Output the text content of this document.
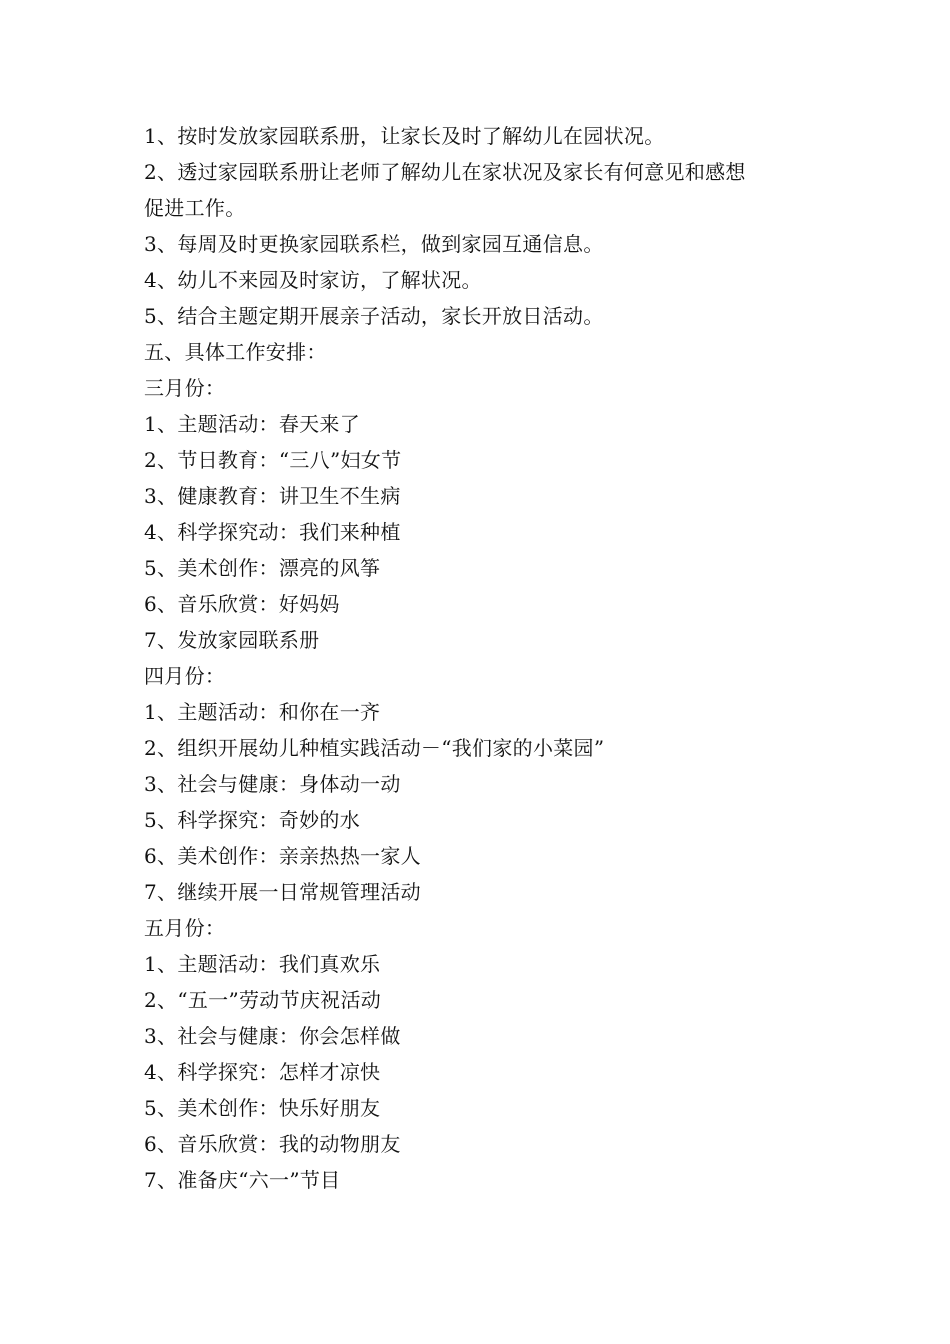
1、按时发放家园联系册，让家长及时了解幼儿在园状况。
2、透过家园联系册让老师了解幼儿在家状况及家长有何意见和感想
促进工作。
3、每周及时更换家园联系栏，做到家园互通信息。
4、幼儿不来园及时家访，了解状况。
5、结合主题定期开展亲子活动，家长开放日活动。
五、具体工作安排：
三月份：
1、主题活动：春天来了
2、节日教育：“三八”妇女节
3、健康教育：讲卫生不生病
4、科学探究动：我们来种植
5、美术创作：漂亮的风筝
6、音乐欣赏：好妈妈
7、发放家园联系册
四月份：
1、主题活动：和你在一齐
2、组织开展幼儿种植实践活动－“我们家的小菜园”
3、社会与健康：身体动一动
5、科学探究：奇妙的水
6、美术创作：亲亲热热一家人
7、继续开展一日常规管理活动
五月份：
1、主题活动：我们真欢乐
2、“五一”劳动节庆祝活动
3、社会与健康：你会怎样做
4、科学探究：怎样才凉快
5、美术创作：快乐好朋友
6、音乐欣赏：我的动物朋友
7、准备庆“六一”节目
